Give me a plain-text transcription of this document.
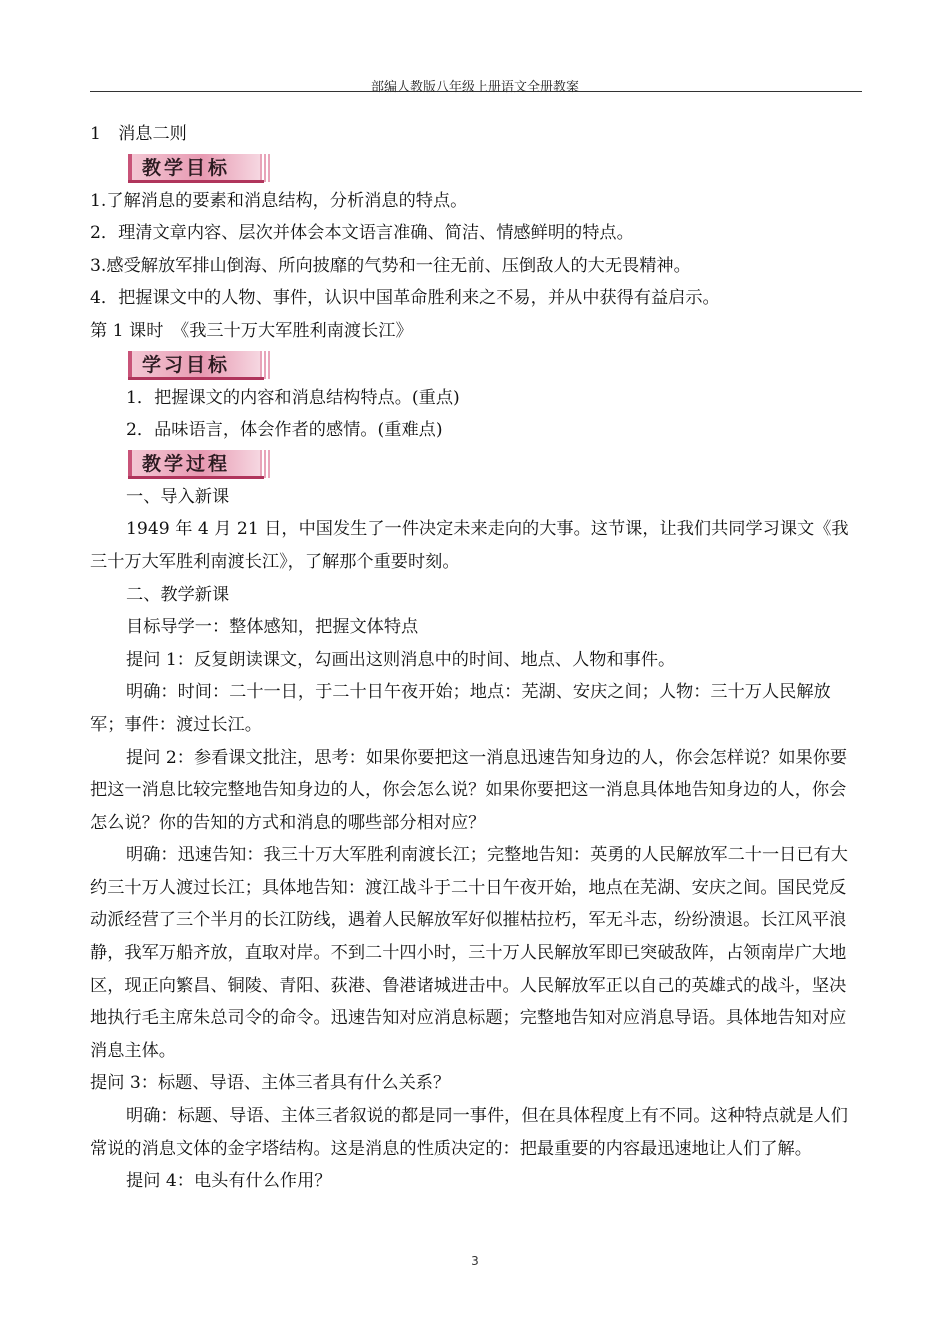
部编人教版八年级上册语文全册教案

1　消息二则

教学目标

1.了解消息的要素和消息结构，分析消息的特点。

2．理清文章内容、层次并体会本文语言准确、简洁、情感鲜明的特点。

3.感受解放军排山倒海、所向披靡的气势和一往无前、压倒敌人的大无畏精神。

4．把握课文中的人物、事件，认识中国革命胜利来之不易，并从中获得有益启示。

第 1 课时　《我三十万大军胜利南渡长江》

学习目标

1．把握课文的内容和消息结构特点。(重点)

2．品味语言，体会作者的感情。(重难点)

教学过程

一、导入新课

1949 年 4 月 21 日，中国发生了一件决定未来走向的大事。这节课，让我们共同学习课文《我三十万大军胜利南渡长江》，了解那个重要时刻。

二、教学新课

目标导学一：整体感知，把握文体特点

提问 1：反复朗读课文，勾画出这则消息中的时间、地点、人物和事件。

明确：时间：二十一日，于二十日午夜开始；地点：芜湖、安庆之间；人物：三十万人民解放军；事件：渡过长江。

提问 2：参看课文批注，思考：如果你要把这一消息迅速告知身边的人，你会怎样说？如果你要把这一消息比较完整地告知身边的人，你会怎么说？如果你要把这一消息具体地告知身边的人，你会怎么说？你的告知的方式和消息的哪些部分相对应？

明确：迅速告知：我三十万大军胜利南渡长江；完整地告知：英勇的人民解放军二十一日已有大约三十万人渡过长江；具体地告知：渡江战斗于二十日午夜开始，地点在芜湖、安庆之间。国民党反动派经营了三个半月的长江防线，遇着人民解放军好似摧枯拉朽，军无斗志，纷纷溃退。长江风平浪静，我军万船齐放，直取对岸。不到二十四小时，三十万人民解放军即已突破敌阵，占领南岸广大地区，现正向繁昌、铜陵、青阳、荻港、鲁港诸城进击中。人民解放军正以自己的英雄式的战斗，坚决地执行毛主席朱总司令的命令。迅速告知对应消息标题；完整地告知对应消息导语。具体地告知对应消息主体。

提问 3：标题、导语、主体三者具有什么关系？

明确：标题、导语、主体三者叙说的都是同一事件，但在具体程度上有不同。这种特点就是人们常说的消息文体的金字塔结构。这是消息的性质决定的：把最重要的内容最迅速地让人们了解。

提问 4：电头有什么作用？

3
